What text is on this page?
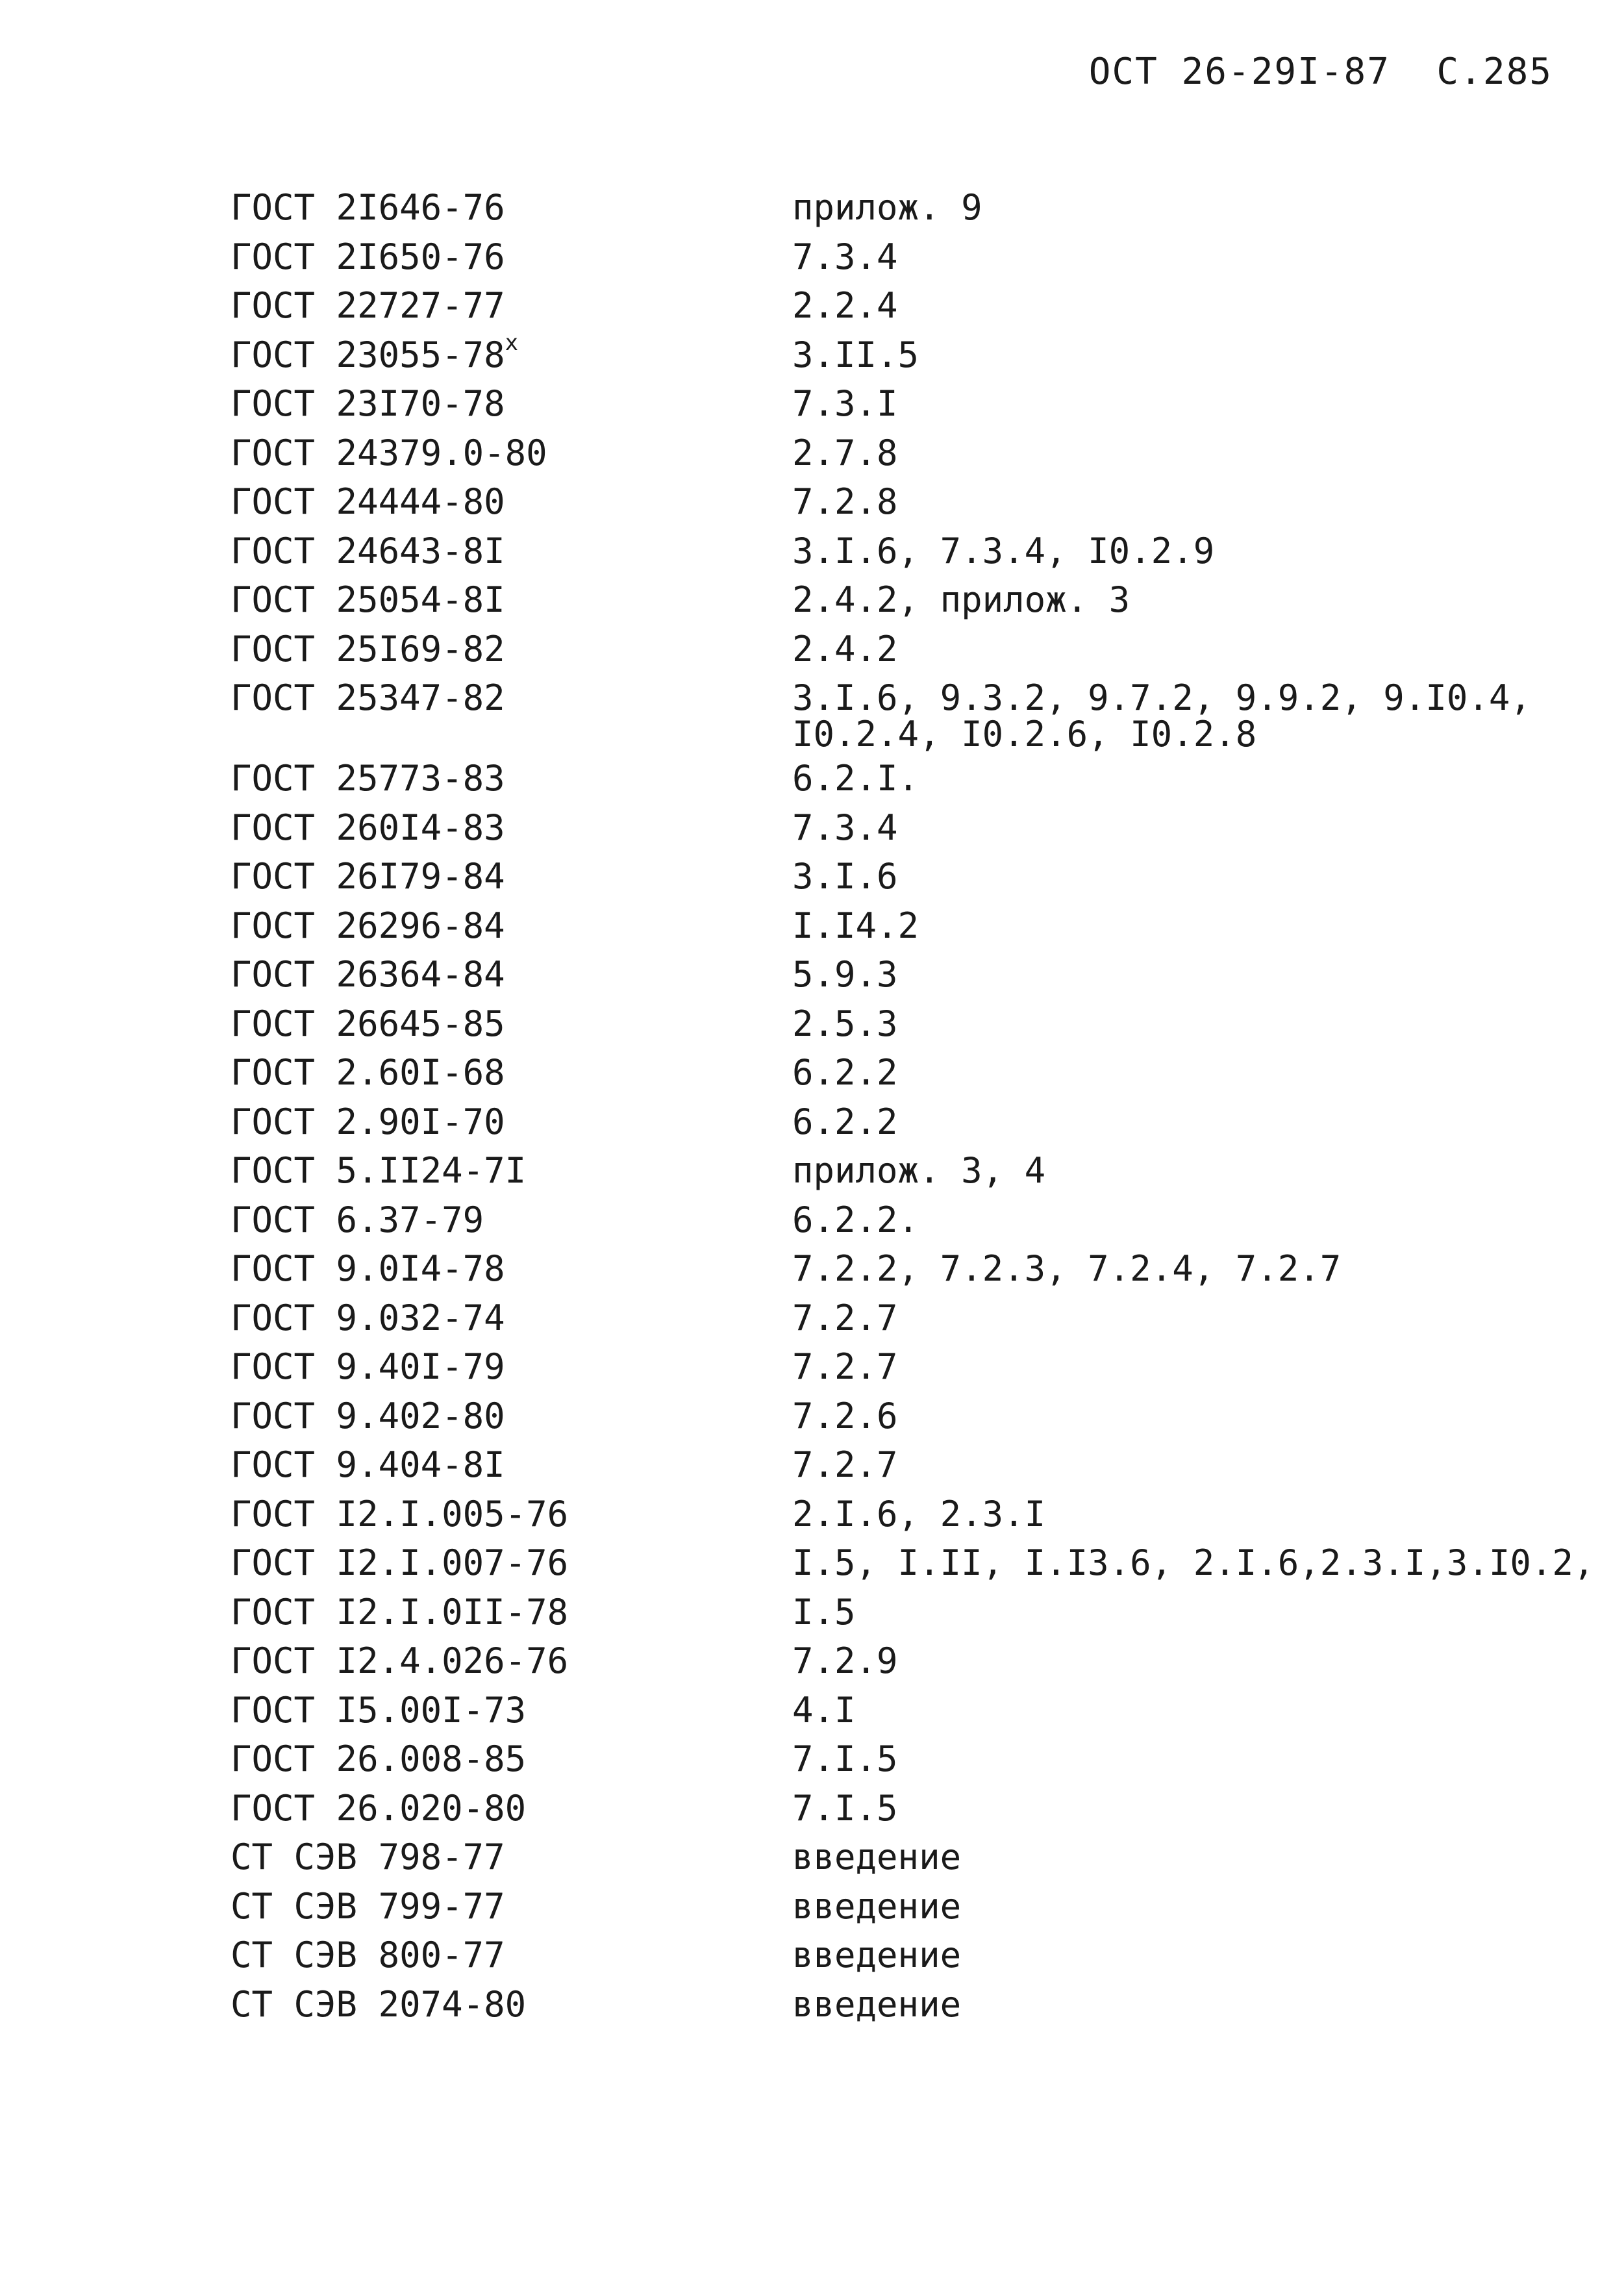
ОСТ 26-29I-87 С.285
ГОСТ 2I646-76	прилож. 9
ГОСТ 2I650-76	7.3.4
ГОСТ 22727-77	2.2.4
ГОСТ 23055-78$^x$	3.II.5
ГОСТ 23I70-78	7.3.I
ГОСТ 24379.0-80	2.7.8
ГОСТ 24444-80	7.2.8
ГОСТ 24643-8I	3.I.6, 7.3.4, I0.2.9
ГОСТ 25054-8I	2.4.2, прилож. 3
ГОСТ 25I69-82	2.4.2
ГОСТ 25347-82	3.I.6, 9.3.2, 9.7.2, 9.9.2, 9.I0.4,
I0.2.4, I0.2.6, I0.2.8
ГОСТ 25773-83	6.2.I.
ГОСТ 260I4-83	7.3.4
ГОСТ 26I79-84	3.I.6
ГОСТ 26296-84	I.I4.2
ГОСТ 26364-84	5.9.3
ГОСТ 26645-85	2.5.3
ГОСТ 2.60I-68	6.2.2
ГОСТ 2.90I-70	6.2.2
ГОСТ 5.II24-7I	прилож. 3, 4
ГОСТ 6.37-79	6.2.2.
ГОСТ 9.0I4-78	7.2.2, 7.2.3, 7.2.4, 7.2.7
ГОСТ 9.032-74	7.2.7
ГОСТ 9.40I-79	7.2.7
ГОСТ 9.402-80	7.2.6
ГОСТ 9.404-8I	7.2.7
ГОСТ I2.I.005-76	2.I.6, 2.3.I
ГОСТ I2.I.007-76	I.5, I.II, I.I3.6, 2.I.6,2.3.I,3.I0.2,
ГОСТ I2.I.0II-78	I.5
ГОСТ I2.4.026-76	7.2.9
ГОСТ I5.00I-73	4.I
ГОСТ 26.008-85	7.I.5
ГОСТ 26.020-80	7.I.5
СТ СЭВ 798-77	введение
СТ СЭВ 799-77	введение
СТ СЭВ 800-77	введение
СТ СЭВ 2074-80	введение
